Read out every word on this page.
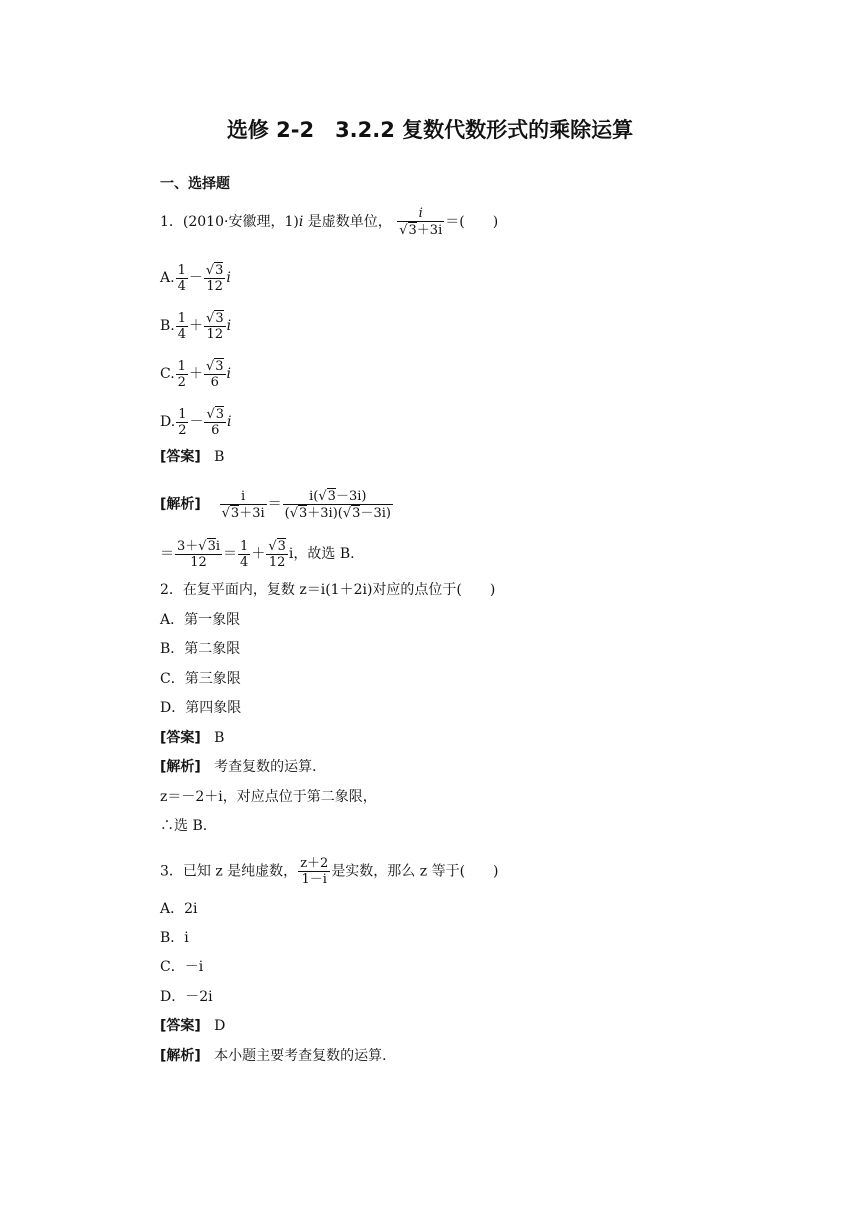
选修 2-2　3.2.2 复数代数形式的乘除运算
一、选择题
1．(2010·安徽理，1)i 是虚数单位， $\frac{i}{√3+3i}$ ＝(　　)
A. $\frac{1}{4} - \frac{√3}{12}$ i
B. $\frac{1}{4} + \frac{√3}{12}$ i
C. $\frac{1}{2} + \frac{√3}{6}$ i
D. $\frac{1}{2} - \frac{√3}{6}$ i
[答案] B
[解析] $\frac{i}{√3+3i} = \frac{i(√3-3i)}{(√3+3i)(√3-3i)}$
＝ $\frac{3+√3i}{12} = \frac{1}{4} + \frac{√3}{12}$ i，故选 B.
2．在复平面内，复数 z＝i(1＋2i)对应的点位于(　　)
A．第一象限
B．第二象限
C．第三象限
D．第四象限
[答案] B
[解析] 考查复数的运算．
z＝－2＋i，对应点位于第二象限，
∴选 B.
3．已知 z 是纯虚数， $\frac{z+2}{1-i}$ 是实数，那么 z 等于(　　)
A．2i
B．i
C．－i
D．－2i
[答案] D
[解析] 本小题主要考查复数的运算．
